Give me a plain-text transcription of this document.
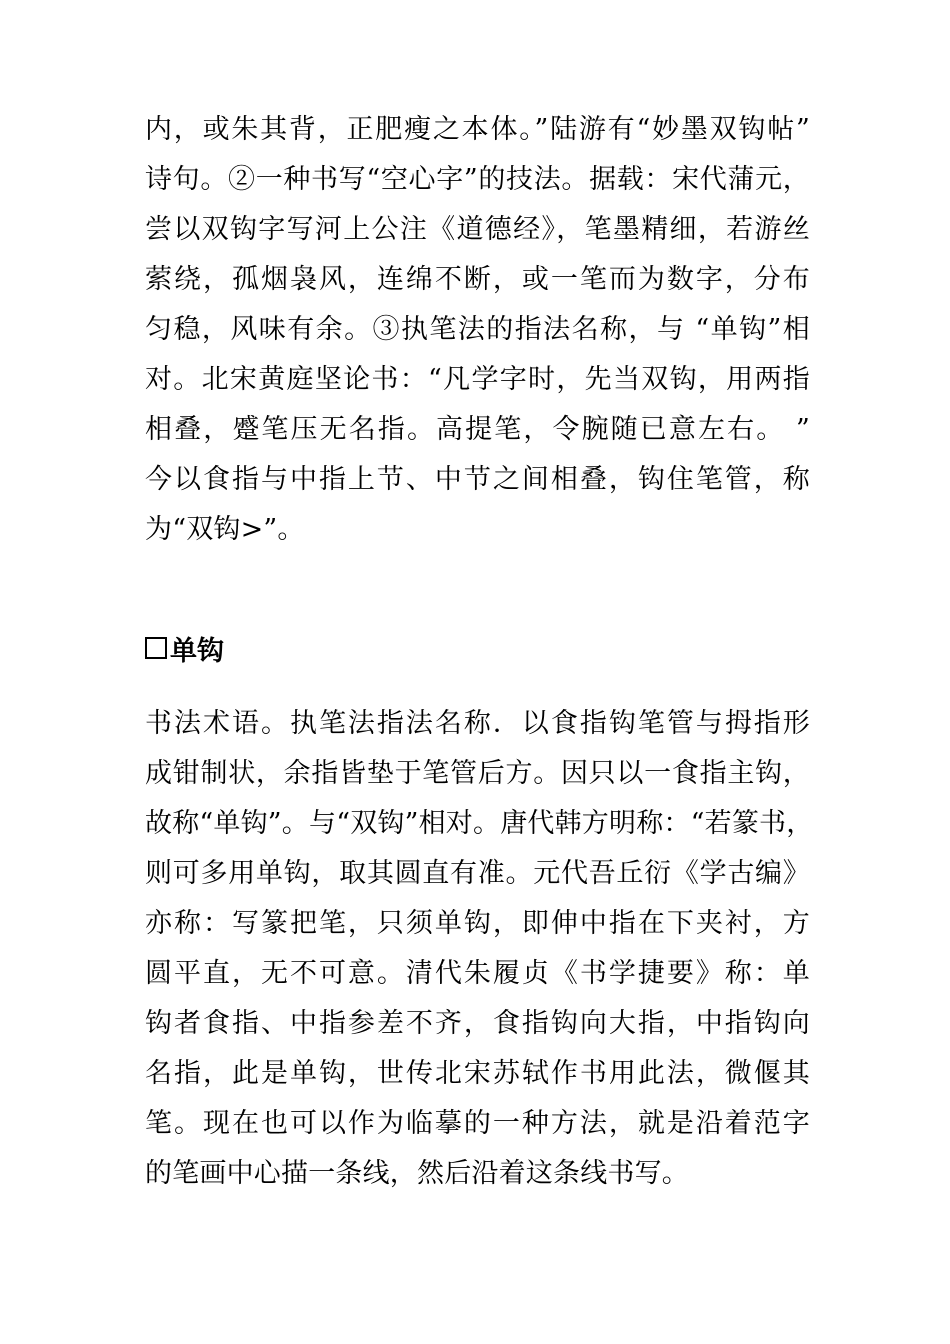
内，或朱其背，正肥瘦之本体。”陆游有“妙墨双钩帖”
诗句。②一种书写“空心字”的技法。据载：宋代蒲元，
尝以双钩字写河上公注《道德经》，笔墨精细，若游丝
萦绕，孤烟袅风，连绵不断，或一笔而为数字，分布
匀稳，风味有余。③执笔法的指法名称，与 “单钩”相
对。北宋黄庭坚论书：“凡学字时，先当双钩，用两指
相叠，蹙笔压无名指。高提笔，令腕随已意左右。 ”
今以食指与中指上节、中节之间相叠，钩住笔管，称
为“双钩>”。
单钩
书法术语。执笔法指法名称．以食指钩笔管与拇指形
成钳制状，余指皆垫于笔管后方。因只以一食指主钩，
故称“单钩”。与“双钩”相对。唐代韩方明称：“若篆书，
则可多用单钩，取其圆直有准。元代吾丘衍《学古编》
亦称：写篆把笔，只须单钩，即伸中指在下夹衬，方
圆平直，无不可意。清代朱履贞《书学捷要》称：单
钩者食指、中指参差不齐，食指钩向大指，中指钩向
名指，此是单钩，世传北宋苏轼作书用此法，微偃其
笔。现在也可以作为临摹的一种方法，就是沿着范字
的笔画中心描一条线，然后沿着这条线书写。
